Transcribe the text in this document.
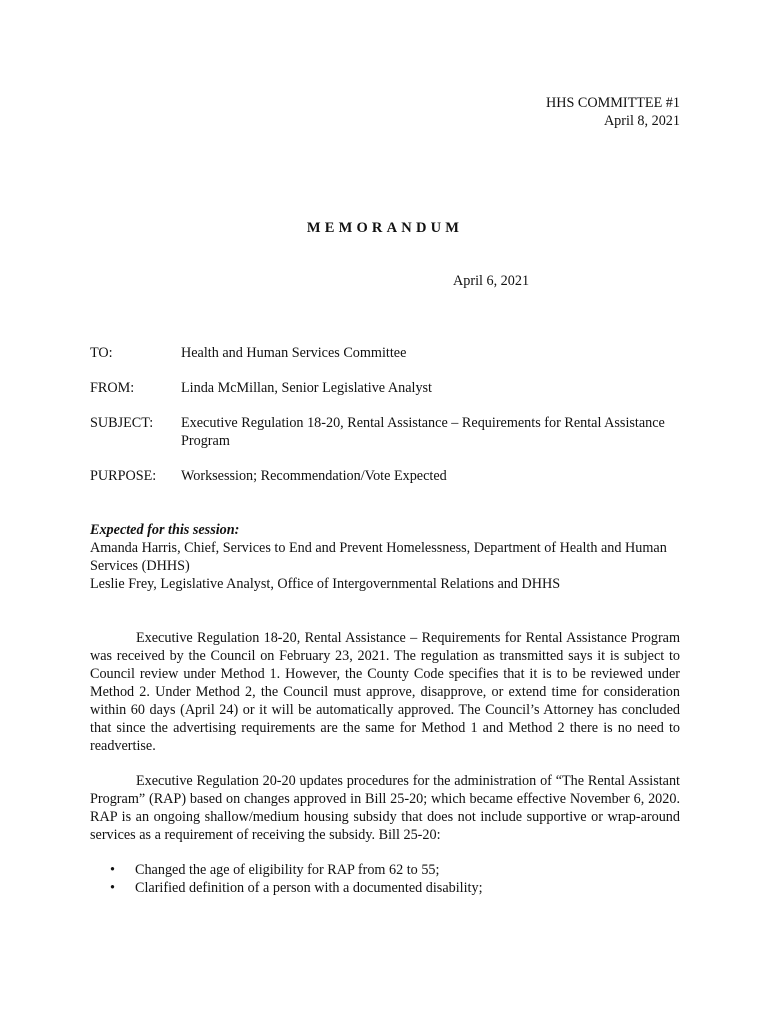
HHS COMMITTEE #1
April 8, 2021
MEMORANDUM
April 6, 2021
TO:	Health and Human Services Committee
FROM:	Linda McMillan, Senior Legislative Analyst
SUBJECT:	Executive Regulation 18-20, Rental Assistance – Requirements for Rental Assistance Program
PURPOSE:	Worksession; Recommendation/Vote Expected
Expected for this session:
Amanda Harris, Chief, Services to End and Prevent Homelessness, Department of Health and Human Services (DHHS)
Leslie Frey, Legislative Analyst, Office of Intergovernmental Relations and DHHS

Executive Regulation 18-20, Rental Assistance – Requirements for Rental Assistance Program was received by the Council on February 23, 2021. The regulation as transmitted says it is subject to Council review under Method 1. However, the County Code specifies that it is to be reviewed under Method 2. Under Method 2, the Council must approve, disapprove, or extend time for consideration within 60 days (April 24) or it will be automatically approved. The Council’s Attorney has concluded that since the advertising requirements are the same for Method 1 and Method 2 there is no need to readvertise.

Executive Regulation 20-20 updates procedures for the administration of “The Rental Assistant Program” (RAP) based on changes approved in Bill 25-20; which became effective November 6, 2020. RAP is an ongoing shallow/medium housing subsidy that does not include supportive or wrap-around services as a requirement of receiving the subsidy. Bill 25-20:

•	Changed the age of eligibility for RAP from 62 to 55;
•	Clarified definition of a person with a documented disability;
